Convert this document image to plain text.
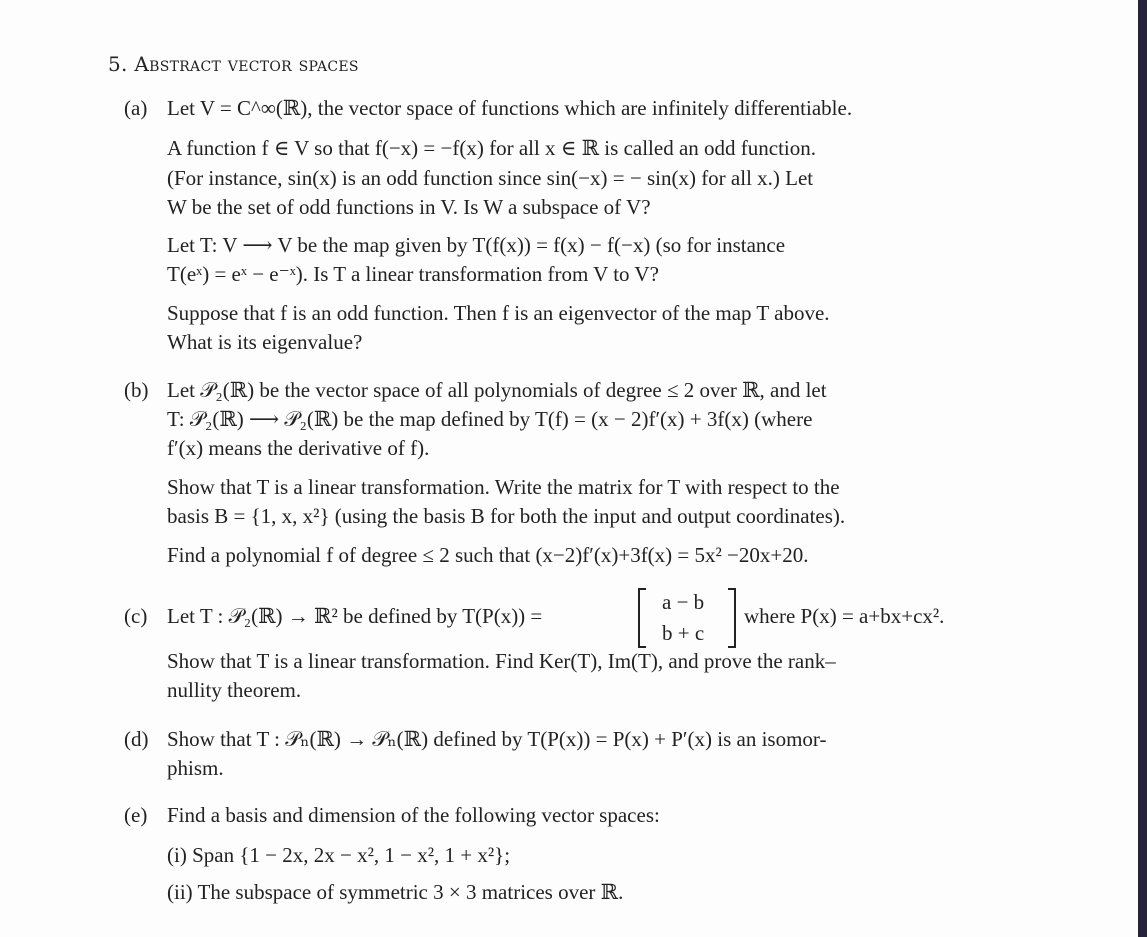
5. Abstract vector spaces
(a) Let V = C^∞(ℝ), the vector space of functions which are infinitely differentiable.
A function f ∈ V so that f(−x) = −f(x) for all x ∈ ℝ is called an odd function.
(For instance, sin(x) is an odd function since sin(−x) = − sin(x) for all x.) Let
W be the set of odd functions in V. Is W a subspace of V?
Let T: V ⟶ V be the map given by T(f(x)) = f(x) − f(−x) (so for instance
T(eˣ) = eˣ − e⁻ˣ). Is T a linear transformation from V to V?
Suppose that f is an odd function. Then f is an eigenvector of the map T above.
What is its eigenvalue?
(b) Let 𝒫₂(ℝ) be the vector space of all polynomials of degree ≤ 2 over ℝ, and let
T: 𝒫₂(ℝ) ⟶ 𝒫₂(ℝ) be the map defined by T(f) = (x − 2)f′(x) + 3f(x) (where
f′(x) means the derivative of f).
Show that T is a linear transformation. Write the matrix for T with respect to the
basis B = {1, x, x²} (using the basis B for both the input and output coordinates).
Find a polynomial f of degree ≤ 2 such that (x−2)f′(x)+3f(x) = 5x² −20x+20.
(c) Let T : 𝒫₂(ℝ) → ℝ² be defined by T(P(x)) =
a − b
b + c
where P(x) = a+bx+cx².
Show that T is a linear transformation. Find Ker(T), Im(T), and prove the rank–
nullity theorem.
(d) Show that T : 𝒫ₙ(ℝ) → 𝒫ₙ(ℝ) defined by T(P(x)) = P(x) + P′(x) is an isomor-
phism.
(e) Find a basis and dimension of the following vector spaces:
(i) Span {1 − 2x, 2x − x², 1 − x², 1 + x²};
(ii) The subspace of symmetric 3 × 3 matrices over ℝ.
